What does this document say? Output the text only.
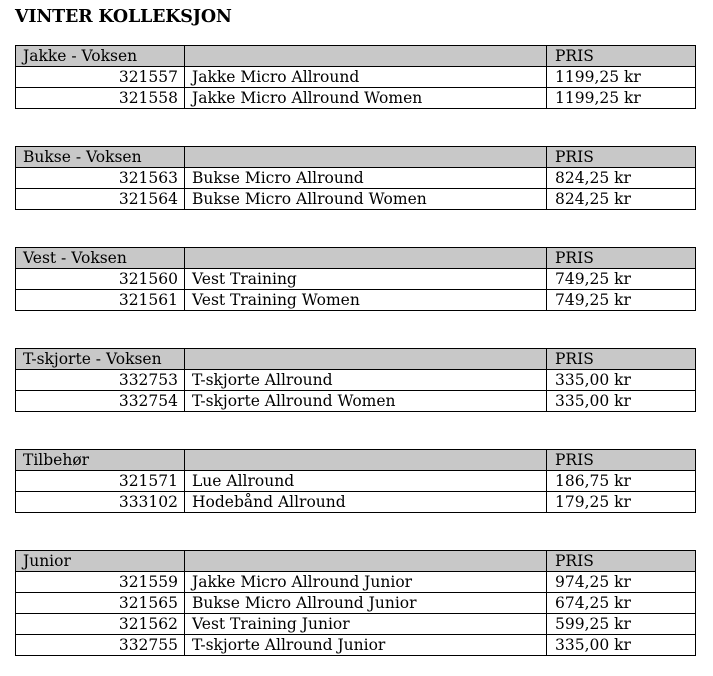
VINTER KOLLEKSJON
Jakke - Voksen		PRIS
321557	Jakke Micro Allround	1199,25 kr
321558	Jakke Micro Allround Women	1199,25 kr
Bukse - Voksen		PRIS
321563	Bukse Micro Allround	824,25 kr
321564	Bukse Micro Allround Women	824,25 kr
Vest - Voksen		PRIS
321560	Vest Training	749,25 kr
321561	Vest Training Women	749,25 kr
T-skjorte - Voksen		PRIS
332753	T-skjorte Allround	335,00 kr
332754	T-skjorte Allround Women	335,00 kr
Tilbehør		PRIS
321571	Lue Allround	186,75 kr
333102	Hodebånd Allround	179,25 kr
Junior		PRIS
321559	Jakke Micro Allround Junior	974,25 kr
321565	Bukse Micro Allround Junior	674,25 kr
321562	Vest Training Junior	599,25 kr
332755	T-skjorte Allround Junior	335,00 kr
